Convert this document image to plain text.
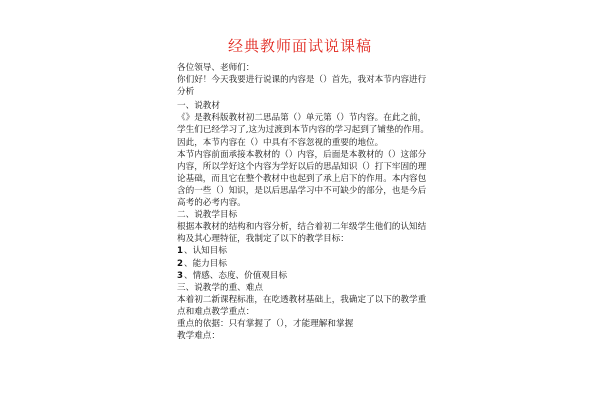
经典教师面试说课稿

各位领导、老师们：

你们好！今天我要进行说课的内容是（）首先，我对本节内容进行分析

一、说教材

《》是教科版教材初二思品第（）单元第（）节内容。在此之前，学生们已经学习了,这为过渡到本节内容的学习起到了铺垫的作用。因此，本节内容在（）中具有不容忽视的重要的地位。

本节内容前面承接本教材的（）内容，后面是本教材的（）这部分内容，所以学好这个内容为学好以后的思品知识（）打下牢固的理论基础，而且它在整个教材中也起到了承上启下的作用。本内容包含的一些（）知识，是以后思品学习中不可缺少的部分，也是今后高考的必考内容。

二、说教学目标

根据本教材的结构和内容分析，结合着初二年级学生他们的认知结构及其心理特征，我制定了以下的教学目标：

1、认知目标

2、能力目标

3、情感、态度、价值观目标

三、说教学的重、难点

本着初二新课程标准，在吃透教材基础上，我确定了以下的教学重点和难点教学重点：

重点的依据：只有掌握了（），才能理解和掌握

教学难点：
